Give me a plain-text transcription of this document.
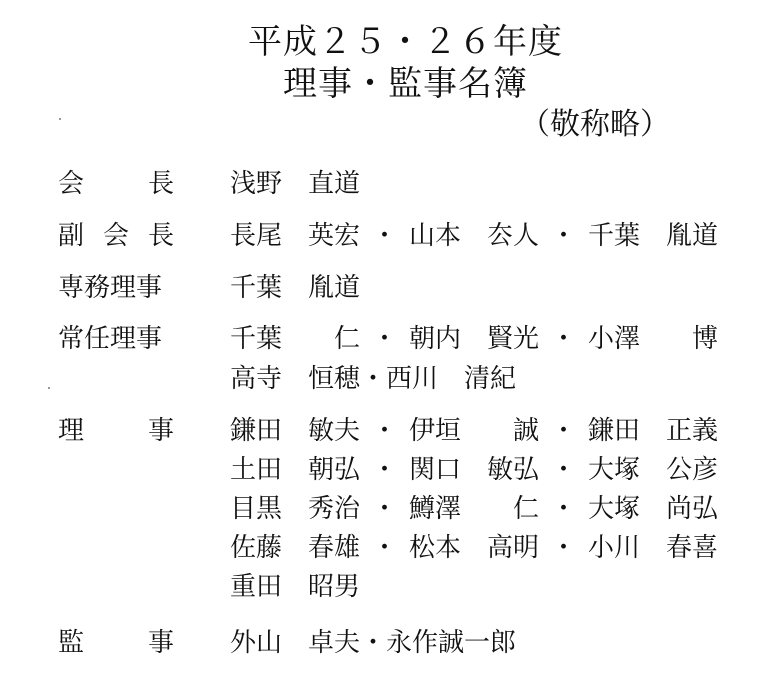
平成２５・２６年度
理事・監事名簿
（敬称略）
会 長 浅野　直道
副 会 長 長尾　英宏 ・ 山本　厺人 ・ 千葉　胤道
専務理事	千葉　胤道
常任理事	千葉　　仁 ・ 朝内　賢光 ・ 小澤　　博
高寺　恒穂・西川　清紀
理 事 鎌田　敏夫 ・ 伊垣　　誠 ・ 鎌田　正義
土田　朝弘 ・ 関口　敏弘 ・ 大塚　公彦
目黒　秀治 ・ 鱒澤　　仁 ・ 大塚　尚弘
佐藤　春雄 ・ 松本　高明 ・ 小川　春喜
重田　昭男
監 事 外山　卓夫・永作誠一郎
